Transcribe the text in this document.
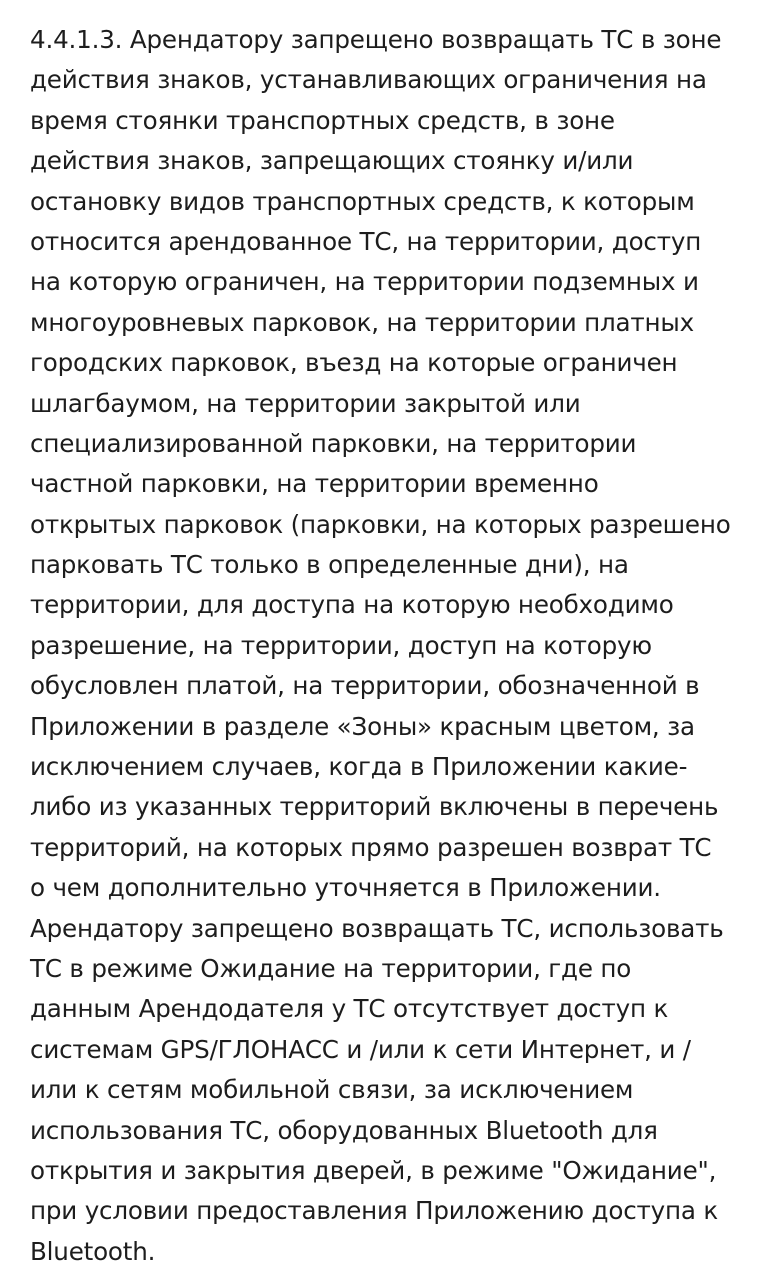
4.4.1.3. Арендатору запрещено возвращать ТС в зоне
действия знаков, устанавливающих ограничения на
время стоянки транспортных средств, в зоне
действия знаков, запрещающих стоянку и/или
остановку видов транспортных средств, к которым
относится арендованное ТС, на территории, доступ
на которую ограничен, на территории подземных и
многоуровневых парковок, на территории платных
городских парковок, въезд на которые ограничен
шлагбаумом, на территории закрытой или
специализированной парковки, на территории
частной парковки, на территории временно
открытых парковок (парковки, на которых разрешено
парковать ТС только в определенные дни), на
территории, для доступа на которую необходимо
разрешение, на территории, доступ на которую
обусловлен платой, на территории, обозначенной в
Приложении в разделе «Зоны» красным цветом, за
исключением случаев, когда в Приложении какие-
либо из указанных территорий включены в перечень
территорий, на которых прямо разрешен возврат ТС
о чем дополнительно уточняется в Приложении.
Арендатору запрещено возвращать ТС, использовать
ТС в режиме Ожидание на территории, где по
данным Арендодателя у ТС отсутствует доступ к
системам GPS/ГЛОНАСС и /или к сети Интернет, и /
или к сетям мобильной связи, за исключением
использования ТС, оборудованных Bluetooth для
открытия и закрытия дверей, в режиме "Ожидание",
при условии предоставления Приложению доступа к
Bluetooth.
